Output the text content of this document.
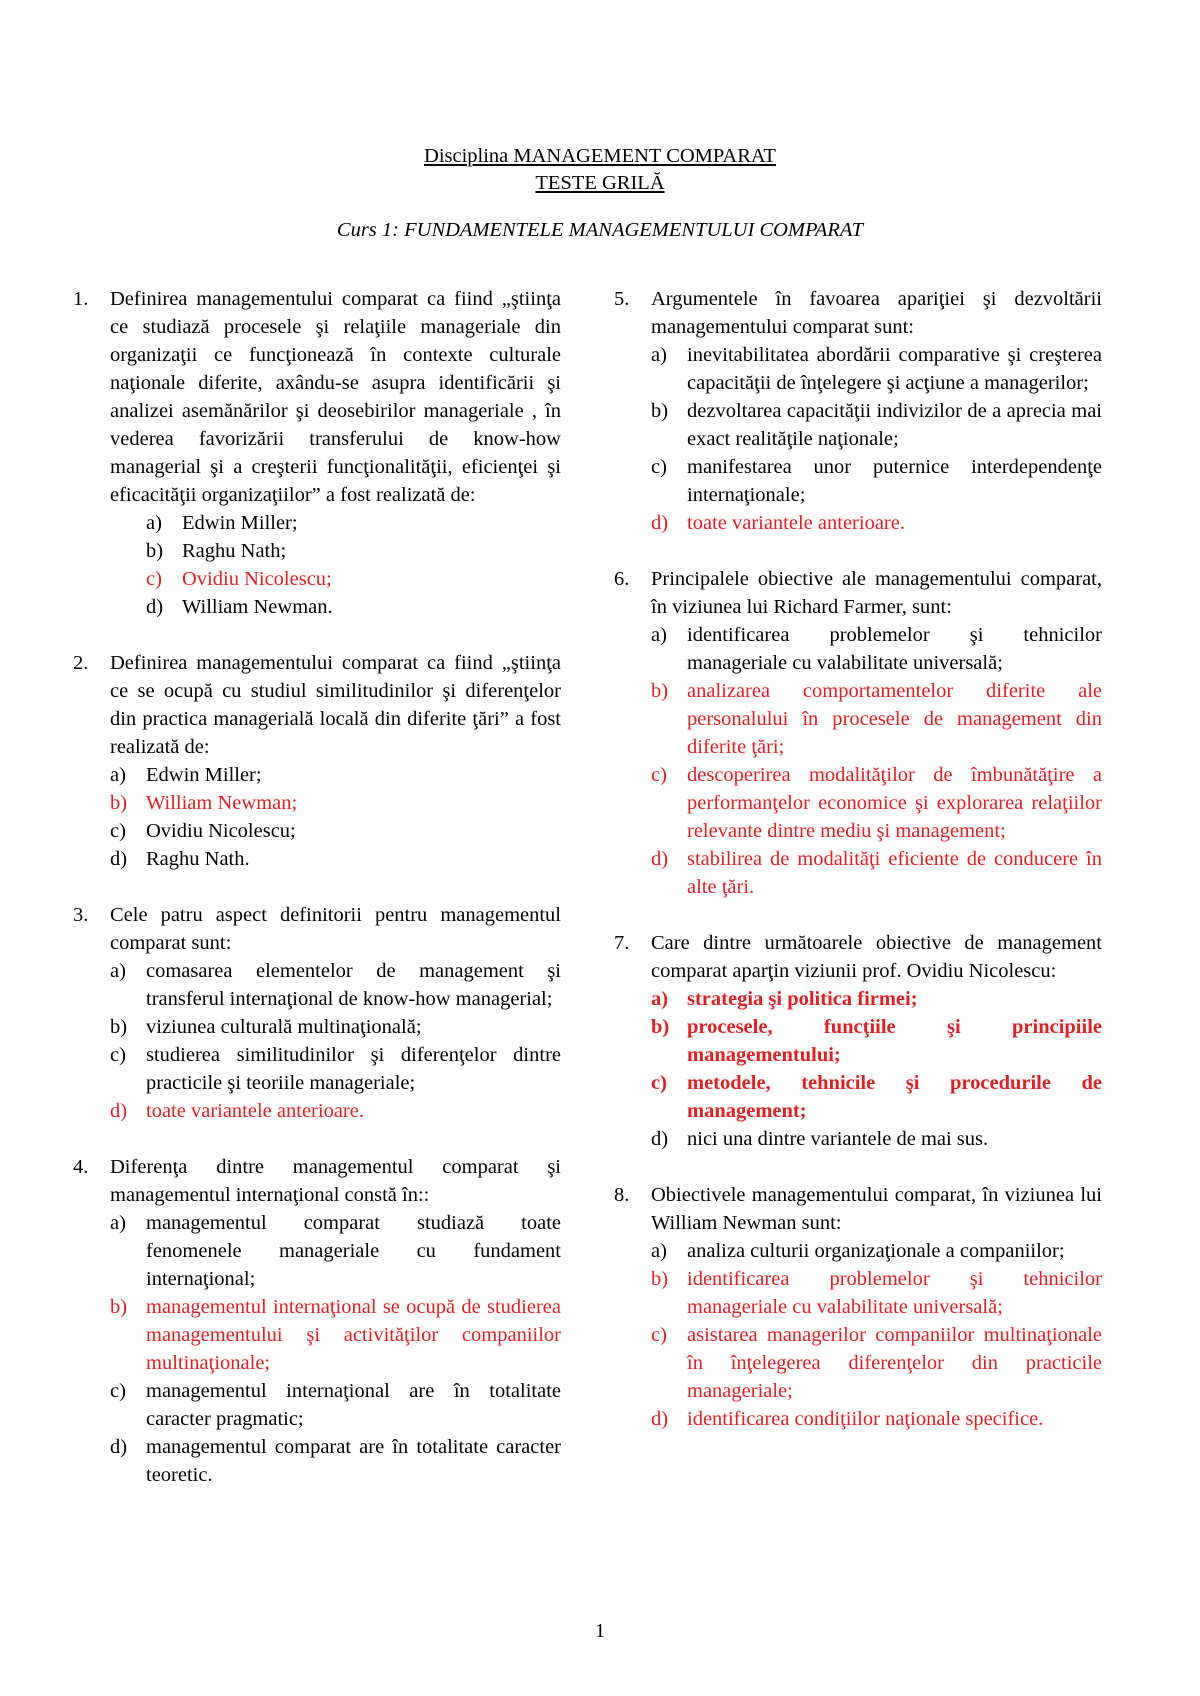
Disciplina MANAGEMENT COMPARAT
TESTE GRILĂ
Curs 1: FUNDAMENTELE MANAGEMENTULUI COMPARAT
1. Definirea managementului comparat ca fiind „ştiinţa ce studiază procesele şi relaţiile manageriale din organizaţii ce funcţionează în contexte culturale naţionale diferite, axându-se asupra identificării şi analizei asemănărilor şi deosebirilor manageriale , în vederea favorizării transferului de know-how managerial şi a creşterii funcţionalităţii, eficienţei şi eficacităţii organizaţiilor” a fost realizată de:
a) Edwin Miller;
b) Raghu Nath;
c) Ovidiu Nicolescu;
d) William Newman.
2. Definirea managementului comparat ca fiind „ştiinţa ce se ocupă cu studiul similitudinilor şi diferenţelor din practica managerială locală din diferite ţări” a fost realizată de:
a) Edwin Miller;
b) William Newman;
c) Ovidiu Nicolescu;
d) Raghu Nath.
3. Cele patru aspect definitorii pentru managementul comparat sunt:
a) comasarea elementelor de management şi transferul internaţional de know-how managerial;
b) viziunea culturală multinaţională;
c) studierea similitudinilor şi diferenţelor dintre practicile şi teoriile manageriale;
d) toate variantele anterioare.
4. Diferenţa dintre managementul comparat şi managementul internaţional constă în::
a) managementul comparat studiază toate fenomenele manageriale cu fundament internaţional;
b) managementul internaţional se ocupă de studierea managementului şi activităţilor companiilor multinaţionale;
c) managementul internaţional are în totalitate caracter pragmatic;
d) managementul comparat are în totalitate caracter teoretic.
5. Argumentele în favoarea apariţiei şi dezvoltării managementului comparat sunt:
a) inevitabilitatea abordării comparative şi creşterea capacităţii de înţelegere şi acţiune a managerilor;
b) dezvoltarea capacităţii indivizilor de a aprecia mai exact realităţile naţionale;
c) manifestarea unor puternice interdependenţe internaţionale;
d) toate variantele anterioare.
6. Principalele obiective ale managementului comparat, în viziunea lui Richard Farmer, sunt:
a) identificarea problemelor şi tehnicilor manageriale cu valabilitate universală;
b) analizarea comportamentelor diferite ale personalului în procesele de management din diferite ţări;
c) descoperirea modalităţilor de îmbunătăţire a performanţelor economice şi explorarea relaţiilor relevante dintre mediu şi management;
d) stabilirea de modalităţi eficiente de conducere în alte ţări.
7. Care dintre următoarele obiective de management comparat aparţin viziunii prof. Ovidiu Nicolescu:
a) strategia şi politica firmei;
b) procesele, funcţiile şi principiile managementului;
c) metodele, tehnicile şi procedurile de management;
d) nici una dintre variantele de mai sus.
8. Obiectivele managementului comparat, în viziunea lui William Newman sunt:
a) analiza culturii organizaţionale a companiilor;
b) identificarea problemelor şi tehnicilor manageriale cu valabilitate universală;
c) asistarea managerilor companiilor multinaţionale în înţelegerea diferenţelor din practicile manageriale;
d) identificarea condiţiilor naţionale specifice.
1
